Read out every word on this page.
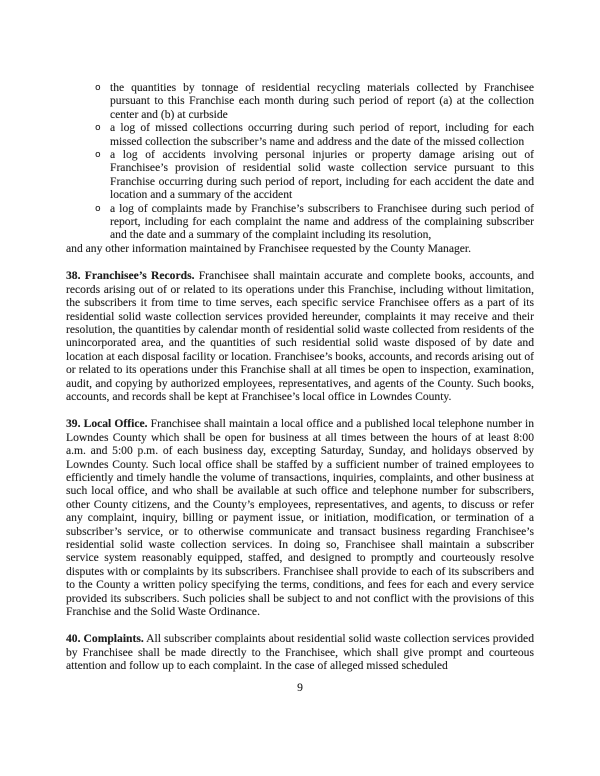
o the quantities by tonnage of residential recycling materials collected by Franchisee pursuant to this Franchise each month during such period of report (a) at the collection center and (b) at curbside
o a log of missed collections occurring during such period of report, including for each missed collection the subscriber’s name and address and the date of the missed collection
o a log of accidents involving personal injuries or property damage arising out of Franchisee’s provision of residential solid waste collection service pursuant to this Franchise occurring during such period of report, including for each accident the date and location and a summary of the accident
o a log of complaints made by Franchise’s subscribers to Franchisee during such period of report, including for each complaint the name and address of the complaining subscriber and the date and a summary of the complaint including its resolution,
and any other information maintained by Franchisee requested by the County Manager.

38. Franchisee’s Records. Franchisee shall maintain accurate and complete books, accounts, and records arising out of or related to its operations under this Franchise, including without limitation, the subscribers it from time to time serves, each specific service Franchisee offers as a part of its residential solid waste collection services provided hereunder, complaints it may receive and their resolution, the quantities by calendar month of residential solid waste collected from residents of the unincorporated area, and the quantities of such residential solid waste disposed of by date and location at each disposal facility or location. Franchisee’s books, accounts, and records arising out of or related to its operations under this Franchise shall at all times be open to inspection, examination, audit, and copying by authorized employees, representatives, and agents of the County. Such books, accounts, and records shall be kept at Franchisee’s local office in Lowndes County.

39. Local Office. Franchisee shall maintain a local office and a published local telephone number in Lowndes County which shall be open for business at all times between the hours of at least 8:00 a.m. and 5:00 p.m. of each business day, excepting Saturday, Sunday, and holidays observed by Lowndes County. Such local office shall be staffed by a sufficient number of trained employees to efficiently and timely handle the volume of transactions, inquiries, complaints, and other business at such local office, and who shall be available at such office and telephone number for subscribers, other County citizens, and the County’s employees, representatives, and agents, to discuss or refer any complaint, inquiry, billing or payment issue, or initiation, modification, or termination of a subscriber’s service, or to otherwise communicate and transact business regarding Franchisee’s residential solid waste collection services. In doing so, Franchisee shall maintain a subscriber service system reasonably equipped, staffed, and designed to promptly and courteously resolve disputes with or complaints by its subscribers. Franchisee shall provide to each of its subscribers and to the County a written policy specifying the terms, conditions, and fees for each and every service provided its subscribers. Such policies shall be subject to and not conflict with the provisions of this Franchise and the Solid Waste Ordinance.

40. Complaints. All subscriber complaints about residential solid waste collection services provided by Franchisee shall be made directly to the Franchisee, which shall give prompt and courteous attention and follow up to each complaint. In the case of alleged missed scheduled

9
